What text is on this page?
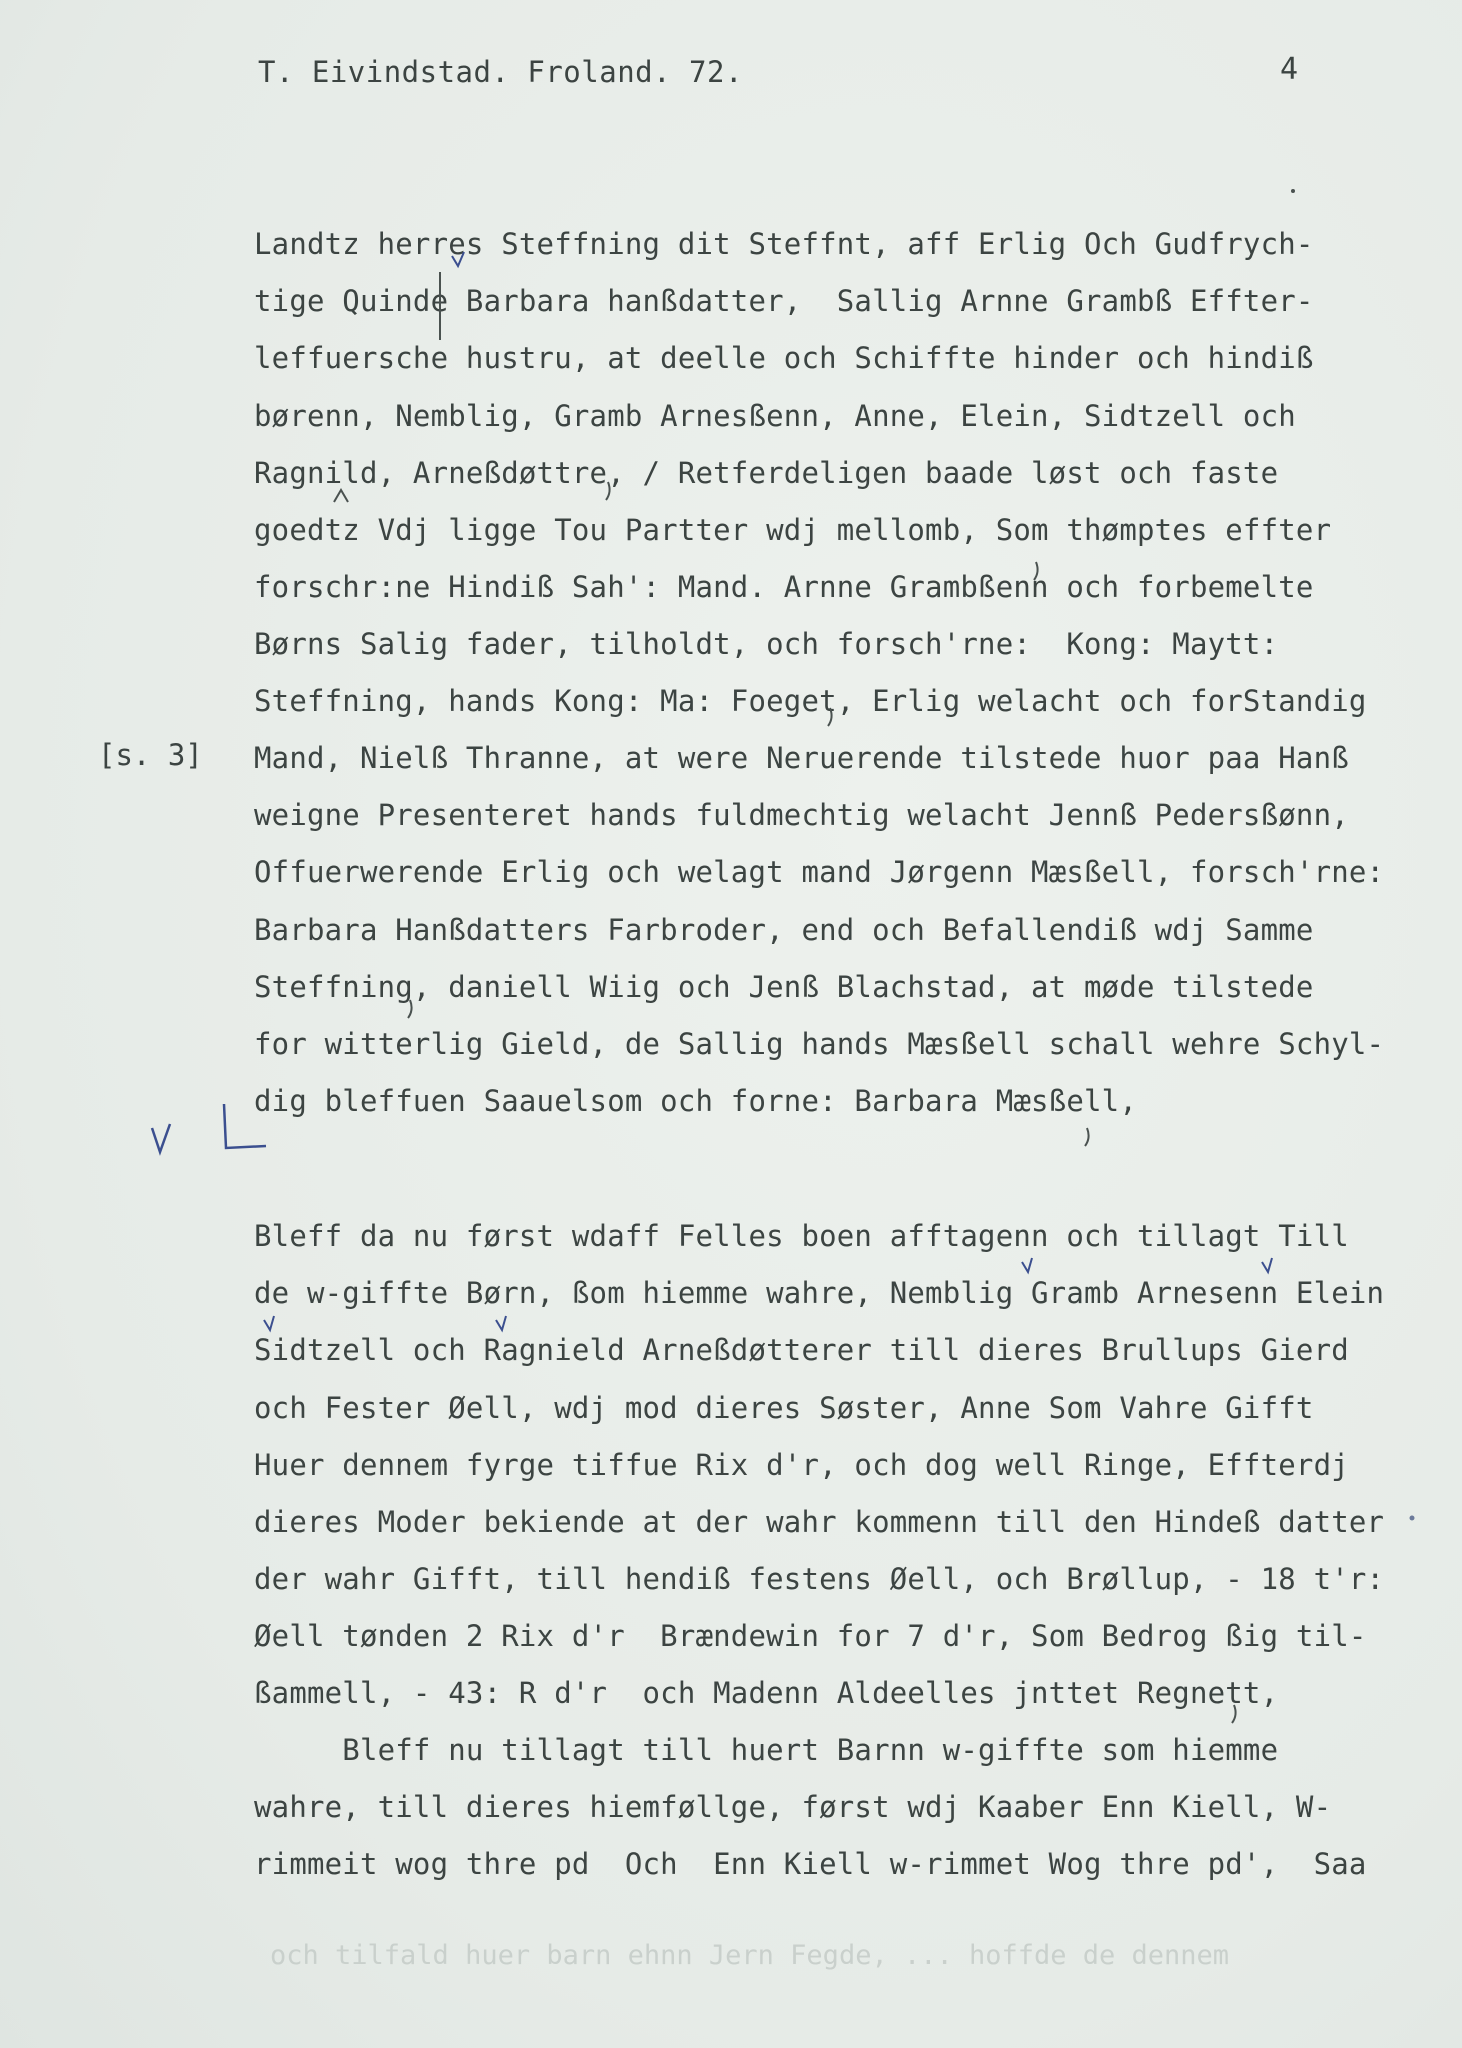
T. Eivindstad. Froland. 72.	4
[s. 3]
Landtz herres Steffning dit Steffnt, aff Erlig Och Gudfrych-
tige Quinde Barbara hanßdatter,  Sallig Arnne Grambß Effter-
leffuersche hustru, at deelle och Schiffte hinder och hindiß
børenn, Nemblig, Gramb Arnesßenn, Anne, Elein, Sidtzell och
Ragnild, Arneßdøttre, / Retferdeligen baade løst och faste
goedtz Vdj ligge Tou Partter wdj mellomb, Som thømptes effter
forschr:ne Hindiß Sah': Mand. Arnne Grambßenn och forbemelte
Børns Salig fader, tilholdt, och forsch'rne:  Kong: Maytt:
Steffning, hands Kong: Ma: Foeget, Erlig welacht och forStandig
Mand, Nielß Thranne, at were Neruerende tilstede huor paa Hanß
weigne Presenteret hands fuldmechtig welacht Jennß Pedersßønn,
Offuerwerende Erlig och welagt mand Jørgenn Mæsßell, forsch'rne:
Barbara Hanßdatters Farbroder, end och Befallendiß wdj Samme
Steffning, daniell Wiig och Jenß Blachstad, at møde tilstede
for witterlig Gield, de Sallig hands Mæsßell schall wehre Schyl-
dig bleffuen Saauelsom och forne: Barbara Mæsßell,
Bleff da nu først wdaff Felles boen afftagenn och tillagt Till
de w-giffte Børn, ßom hiemme wahre, Nemblig Gramb Arnesenn Elein
Sidtzell och Ragnield Arneßdøtterer till dieres Brullups Gierd
och Fester Øell, wdj mod dieres Søster, Anne Som Vahre Gifft
Huer dennem fyrge tiffue Rix d'r, och dog well Ringe, Effterdj
dieres Moder bekiende at der wahr kommenn till den Hindeß datter
der wahr Gifft, till hendiß festens Øell, och Brøllup, - 18 t'r:
Øell tønden 2 Rix d'r  Brændewin for 7 d'r, Som Bedrog ßig til-
ßammell, - 43: R d'r  och Madenn Aldeelles jnttet Regnett,
Bleff nu tillagt till huert Barnn w-giffte som hiemme
wahre, till dieres hiemføllge, først wdj Kaaber Enn Kiell, W-
rimmeit wog thre pd  Och  Enn Kiell w-rimmet Wog thre pd',  Saa
och tilfald huer barn ehnn Jern Fegde, ... hoffde de dennem
